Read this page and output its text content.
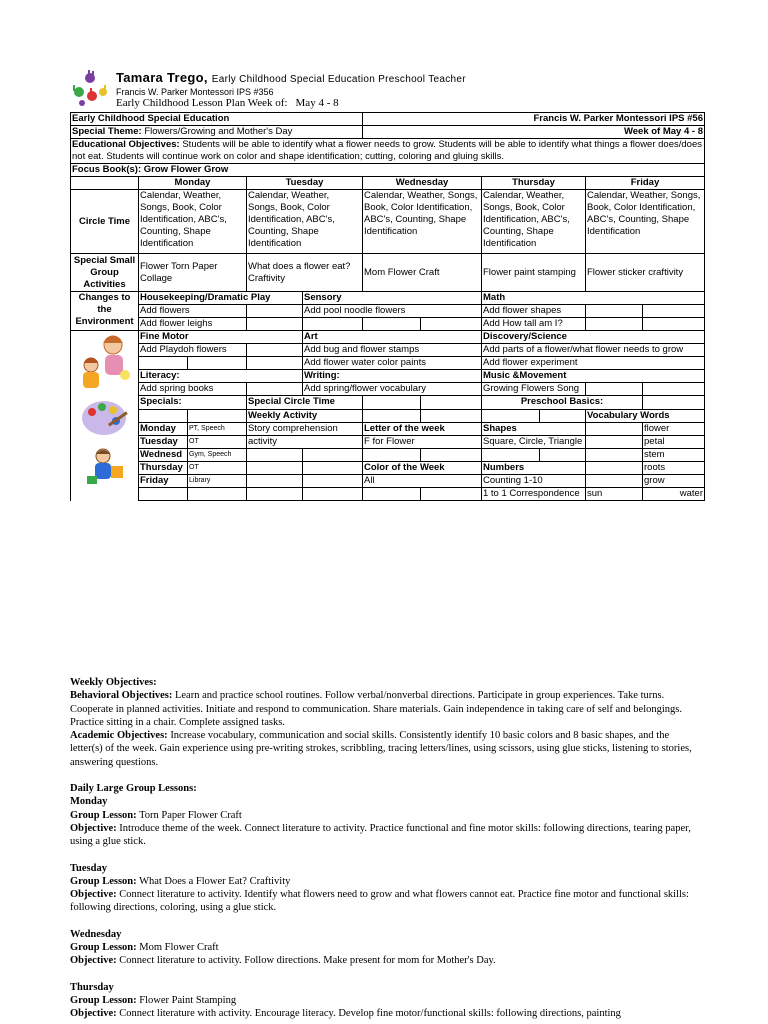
Tamara Trego, Early Childhood Special Education Preschool Teacher
Francis W. Parker Montessori IPS #356
Early Childhood Lesson Plan Week of: May 4 - 8
Early Childhood Special Education					Francis W. Parker Montessori IPS #56						
Special Theme: Flowers/Growing and Mother's Day					Week of May 4 - 8						
Educational Objectives: Students will be able to identify what a flower needs to grow. Students will be able to identify what things a flower does/does not eat. Students will continue work on color and shape identification; cutting, coloring and gluing skills.											
Focus Book(s): Grow Flower Grow											
	Monday		Tuesday		Wednesday		Thursday		Friday		
Circle Time	Calendar, Weather, Songs, Book, Color Identification, ABC's, Counting, Shape Identification		Calendar, Weather, Songs, Book, Color Identification, ABC's, Counting, Shape Identification		Calendar, Weather, Songs, Book, Color Identification, ABC's, Counting, Shape Identification		Calendar, Weather, Songs, Book, Color Identification, ABC's, Counting, Shape Identification		Calendar, Weather, Songs, Book, Color Identification, ABC's, Counting, Shape Identification		
Special Small Group Activities	Flower Torn Paper Collage		What does a flower eat? Craftivity		Mom Flower Craft		Flower paint stamping		Flower sticker craftivity		
Changes to the Environment	Housekeeping/Dramatic Play			Sensory			Math				
	Add flowers			Add pool noodle flowers			Add flower shapes				
	Add flower leighs						Add How tall am I?				

	Fine Motor			Art			Discovery/Science				
	Add Playdoh flowers			Add bug and flower stamps			Add parts of a flower/what flower needs to grow				
				Add flower water color paints			Add flower experiment				
	Literacy:			Writing:			Music &Movement				
	Add spring books			Add spring/flower vocabulary			Growing Flowers Song				

	Specials:		Special Circle Time				Preschool Basics:				
			Weekly Activity						Vocabulary Words		
	Monday	PT, Speech	Story comprehension		Letter of the week		Shapes			flower	
	Tuesday	OT	activity		F for Flower		Square, Circle, Triangle			petal	
	Wednesd	Gym, Speech								stem	
	Thursday	OT			Color of the Week		Numbers			roots	
	Friday	Library			All		Counting 1-10			grow	
							1 to 1 Correspondence		sun	water	

Weekly Objectives:

Behavioral Objectives: Learn and practice school routines. Follow verbal/nonverbal directions. Participate in group experiences. Take turns. Cooperate in planned activities. Initiate and respond to communication. Share materials. Gain independence in taking care of self and belongings. Practice sitting in a chair. Complete assigned tasks.

Academic Objectives: Increase vocabulary, communication and social skills. Consistently identify 10 basic colors and 8 basic shapes, and the letter(s) of the week. Gain experience using pre-writing strokes, scribbling, tracing letters/lines, using scissors, using glue sticks, listening to stories, answering questions.

Daily Large Group Lessons:

Monday

Group Lesson: Torn Paper Flower Craft

Objective: Introduce theme of the week. Connect literature to activity. Practice functional and fine motor skills: following directions, tearing paper, using a glue stick.

Tuesday

Group Lesson: What Does a Flower Eat? Craftivity

Objective: Connect literature to activity. Identify what flowers need to grow and what flowers cannot eat. Practice fine motor and functional skills: following directions, coloring, using a glue stick.

Wednesday

Group Lesson: Mom Flower Craft

Objective: Connect literature to activity. Follow directions. Make present for mom for Mother's Day.

Thursday

Group Lesson: Flower Paint Stamping

Objective: Connect literature with activity. Encourage literacy. Develop fine motor/functional skills: following directions, painting
